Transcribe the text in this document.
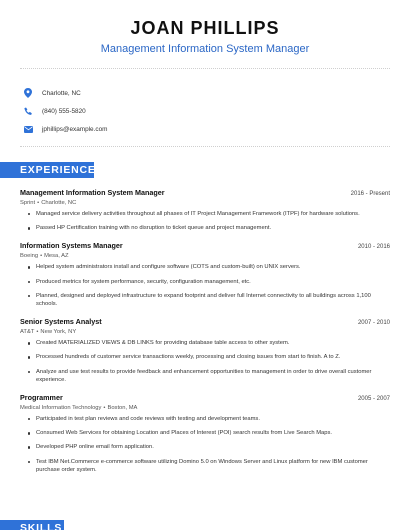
JOAN PHILLIPS
Management Information System Manager
Charlotte, NC
(840) 555-5820
jphillips@example.com
EXPERIENCE
Management Information System Manager	2016 - Present
Sprint • Charlotte, NC
Managed service delivery activities throughout all phases of IT Project Management Framework (ITPF) for hardware solutions.
Passed HP Certification training with no disruption to ticket queue and project management.
Information Systems Manager	2010 - 2016
Boeing • Mesa, AZ
Helped system administrators install and configure software (COTS and custom-built) on UNIX servers.
Produced metrics for system performance, security, configuration management, etc.
Planned, designed and deployed infrastructure to expand footprint and deliver full Internet connectivity to all buildings across 1,100 schools.
Senior Systems Analyst	2007 - 2010
AT&T • New York, NY
Created MATERIALIZED VIEWS & DB LINKS for providing database table access to other system.
Processed hundreds of customer service transactions weekly, processing and closing issues from start to finish. A to Z.
Analyze and use test results to provide feedback and enhancement opportunities to management in order to drive overall customer experience.
Programmer	2005 - 2007
Medical Information Technology • Boston, MA
Participated in test plan reviews and code reviews with testing and development teams.
Consumed Web Services for obtaining Location and Places of Interest (POI) search results from Live Search Maps.
Developed PHP online email form application.
Test IBM Net.Commerce e-commerce software utilizing Domino 5.0 on Windows Server and Linux platform for new IBM customer purchase order system.
SKILLS
